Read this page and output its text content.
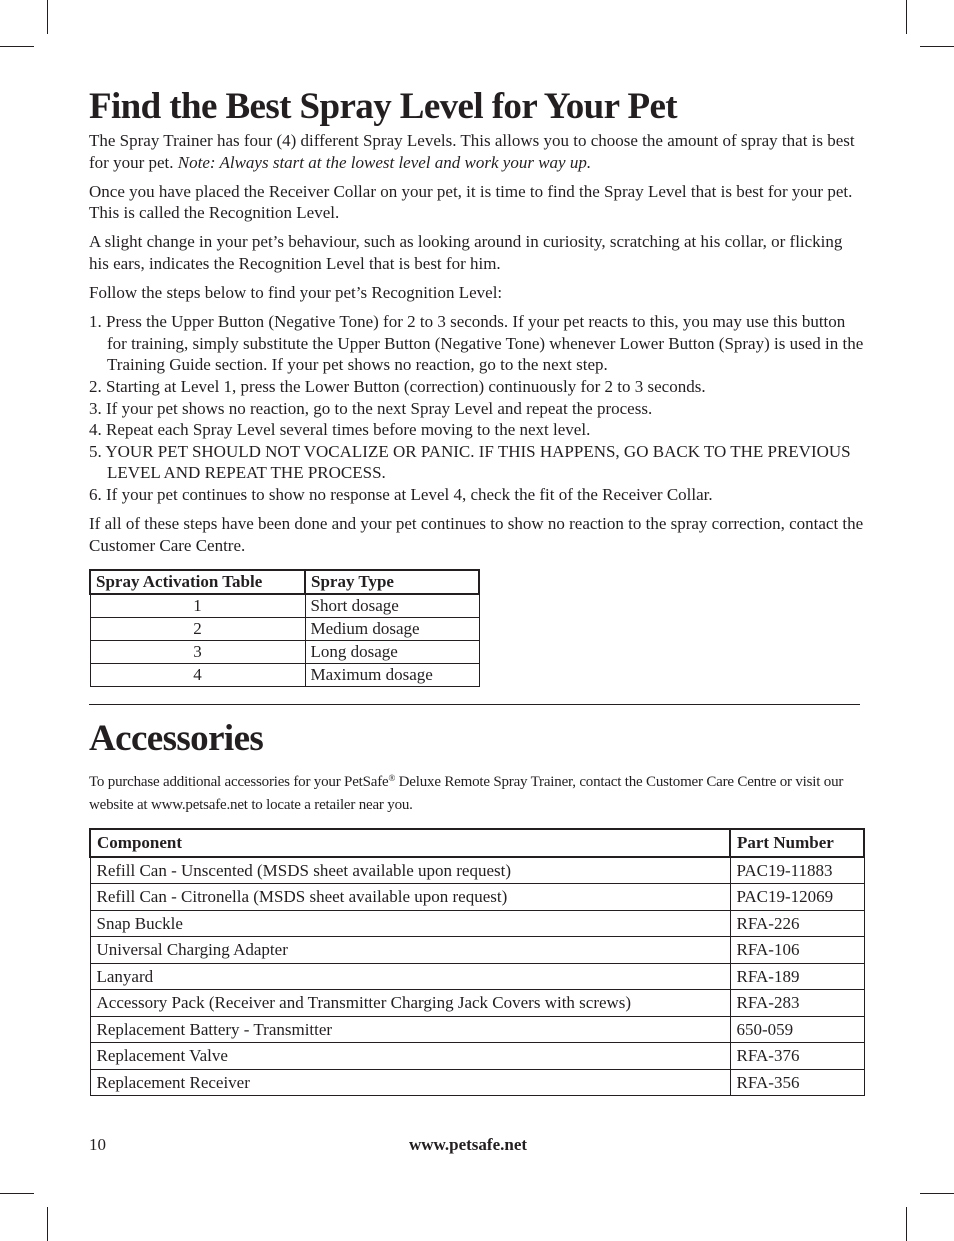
Find the Best Spray Level for Your Pet

The Spray Trainer has four (4) different Spray Levels. This allows you to choose the amount of spray that is best for your pet. Note: Always start at the lowest level and work your way up.

Once you have placed the Receiver Collar on your pet, it is time to find the Spray Level that is best for your pet. This is called the Recognition Level.

A slight change in your pet’s behaviour, such as looking around in curiosity, scratching at his collar, or flicking his ears, indicates the Recognition Level that is best for him.

Follow the steps below to find your pet’s Recognition Level:

1. Press the Upper Button (Negative Tone) for 2 to 3 seconds. If your pet reacts to this, you may use this button for training, simply substitute the Upper Button (Negative Tone) whenever Lower Button (Spray) is used in the Training Guide section. If your pet shows no reaction, go to the next step.
2. Starting at Level 1, press the Lower Button (correction) continuously for 2 to 3 seconds.
3. If your pet shows no reaction, go to the next Spray Level and repeat the process.
4. Repeat each Spray Level several times before moving to the next level.
5. YOUR PET SHOULD NOT VOCALIZE OR PANIC. IF THIS HAPPENS, GO BACK TO THE PREVIOUS LEVEL AND REPEAT THE PROCESS.
6. If your pet continues to show no response at Level 4, check the fit of the Receiver Collar.

If all of these steps have been done and your pet continues to show no reaction to the spray correction, contact the Customer Care Centre.

Spray Activation Table	Spray Type
1	Short dosage
2	Medium dosage
3	Long dosage
4	Maximum dosage
Accessories

To purchase additional accessories for your PetSafe® Deluxe Remote Spray Trainer, contact the Customer Care Centre or visit our website at www.petsafe.net to locate a retailer near you.

Component	Part Number
Refill Can - Unscented (MSDS sheet available upon request)	PAC19-11883
Refill Can - Citronella (MSDS sheet available upon request)	PAC19-12069
Snap Buckle	RFA-226
Universal Charging Adapter	RFA-106
Lanyard	RFA-189
Accessory Pack (Receiver and Transmitter Charging Jack Covers with screws)	RFA-283
Replacement Battery - Transmitter	650-059
Replacement Valve	RFA-376
Replacement Receiver	RFA-356
10	www.petsafe.net
